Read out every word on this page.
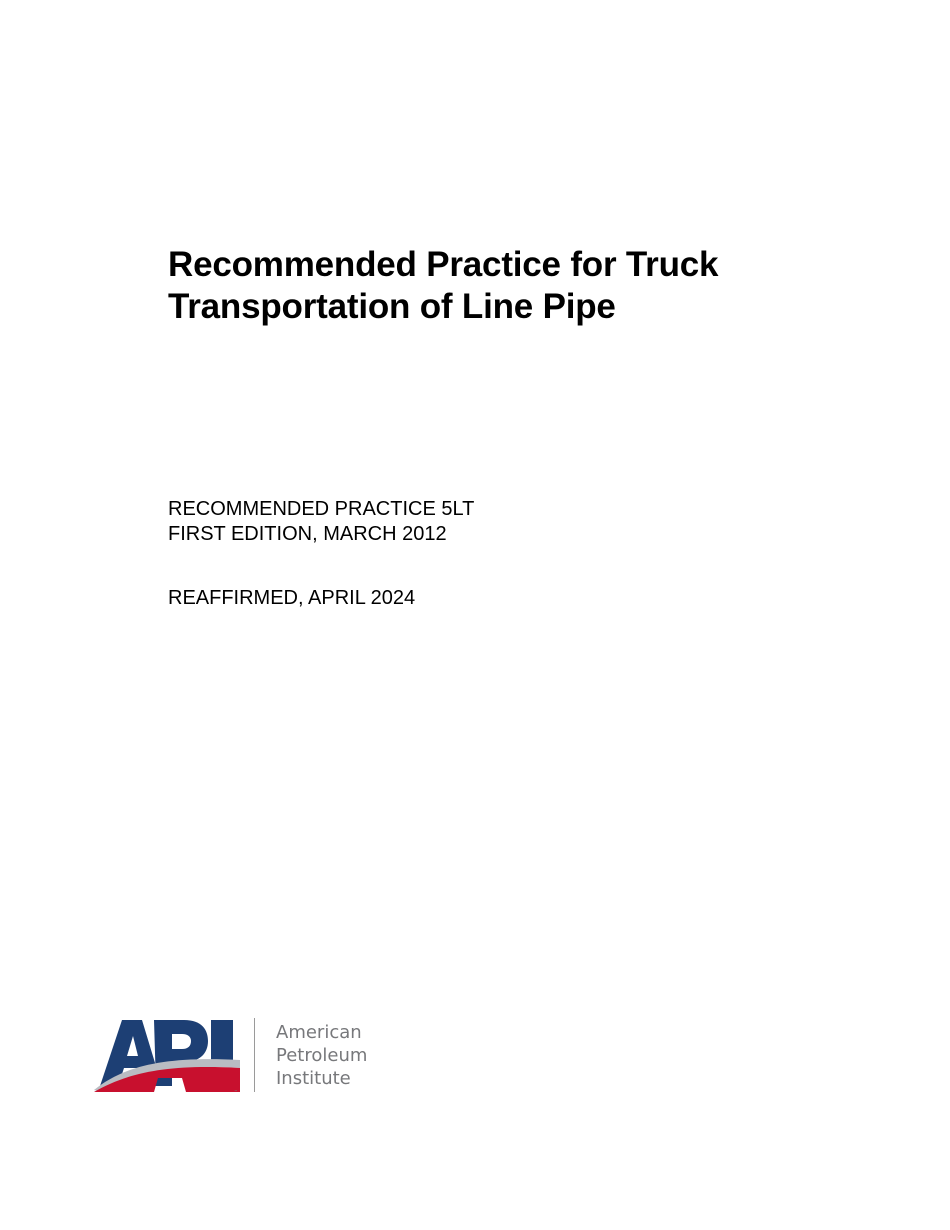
Recommended Practice for Truck
Transportation of Line Pipe
RECOMMENDED PRACTICE 5LT
FIRST EDITION, MARCH 2012
REAFFIRMED, APRIL 2024
™
American
Petroleum
Institute
